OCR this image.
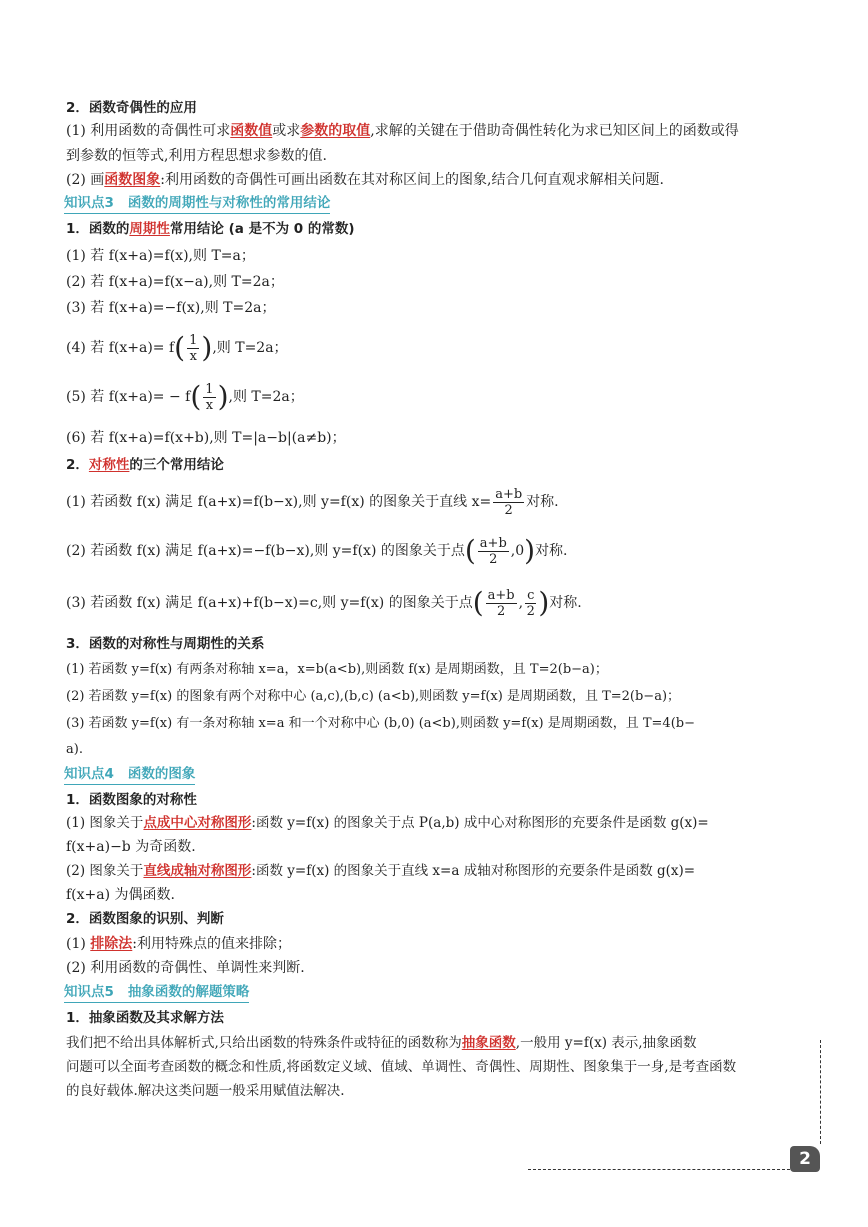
2．函数奇偶性的应用
(1) 利用函数的奇偶性可求函数值或求参数的取值,求解的关键在于借助奇偶性转化为求已知区间上的函数或得
到参数的恒等式,利用方程思想求参数的值.
(2) 画函数图象:利用函数的奇偶性可画出函数在其对称区间上的图象,结合几何直观求解相关问题.
知识点3 函数的周期性与对称性的常用结论
1．函数的周期性常用结论 (a 是不为 0 的常数)
(1) 若 f(x+a)=f(x),则 T=a；
(2) 若 f(x+a)=f(x−a),则 T=2a；
(3) 若 f(x+a)=−f(x),则 T=2a；
(4) 若 $f(x+a)= f( \frac{1}{x}$ ),则 T=2a；
(5) 若 $f(x+a)= - f( \frac{1}{x}$ ),则 T=2a；
(6) 若 f(x+a)=f(x+b),则 T=|a−b|(a≠b)；
2．对称性的三个常用结论
(1) 若函数 f(x) 满足 f(a+x)=f(b−x),则 y=f(x) 的图象关于直线 $x= \frac{a+b}{2}$ 对称.
(2) 若函数 f(x) 满足 f(a+x)=−f(b−x),则 y=f(x) 的图象关于点( $\frac{a+b}{2} ,0$)对称.
(3) 若函数 f(x) 满足 f(a+x)+f(b−x)=c,则 y=f(x) 的图象关于点( $\frac{a+b}{2}$ , $\frac{c}{2}$ )对称.
3．函数的对称性与周期性的关系
(1) 若函数 y=f(x) 有两条对称轴 x=a，x=b(a<b),则函数 f(x) 是周期函数，且 T=2(b−a)；
(2) 若函数 y=f(x) 的图象有两个对称中心 (a,c),(b,c) (a<b),则函数 y=f(x) 是周期函数，且 T=2(b−a)；
(3) 若函数 y=f(x) 有一条对称轴 x=a 和一个对称中心 (b,0) (a<b),则函数 y=f(x) 是周期函数，且 T=4(b−
a).
知识点4 函数的图象
1．函数图象的对称性
(1) 图象关于点成中心对称图形:函数 y=f(x) 的图象关于点 P(a,b) 成中心对称图形的充要条件是函数 g(x)=
f(x+a)−b 为奇函数.
(2) 图象关于直线成轴对称图形:函数 y=f(x) 的图象关于直线 x=a 成轴对称图形的充要条件是函数 g(x)=
f(x+a) 为偶函数.
2．函数图象的识别、判断
(1) 排除法:利用特殊点的值来排除；
(2) 利用函数的奇偶性、单调性来判断.
知识点5 抽象函数的解题策略
1．抽象函数及其求解方法
我们把不给出具体解析式,只给出函数的特殊条件或特征的函数称为抽象函数,一般用 y=f(x) 表示,抽象函数
问题可以全面考查函数的概念和性质,将函数定义域、值域、单调性、奇偶性、周期性、图象集于一身,是考查函数
的良好载体.解决这类问题一般采用赋值法解决.
2
